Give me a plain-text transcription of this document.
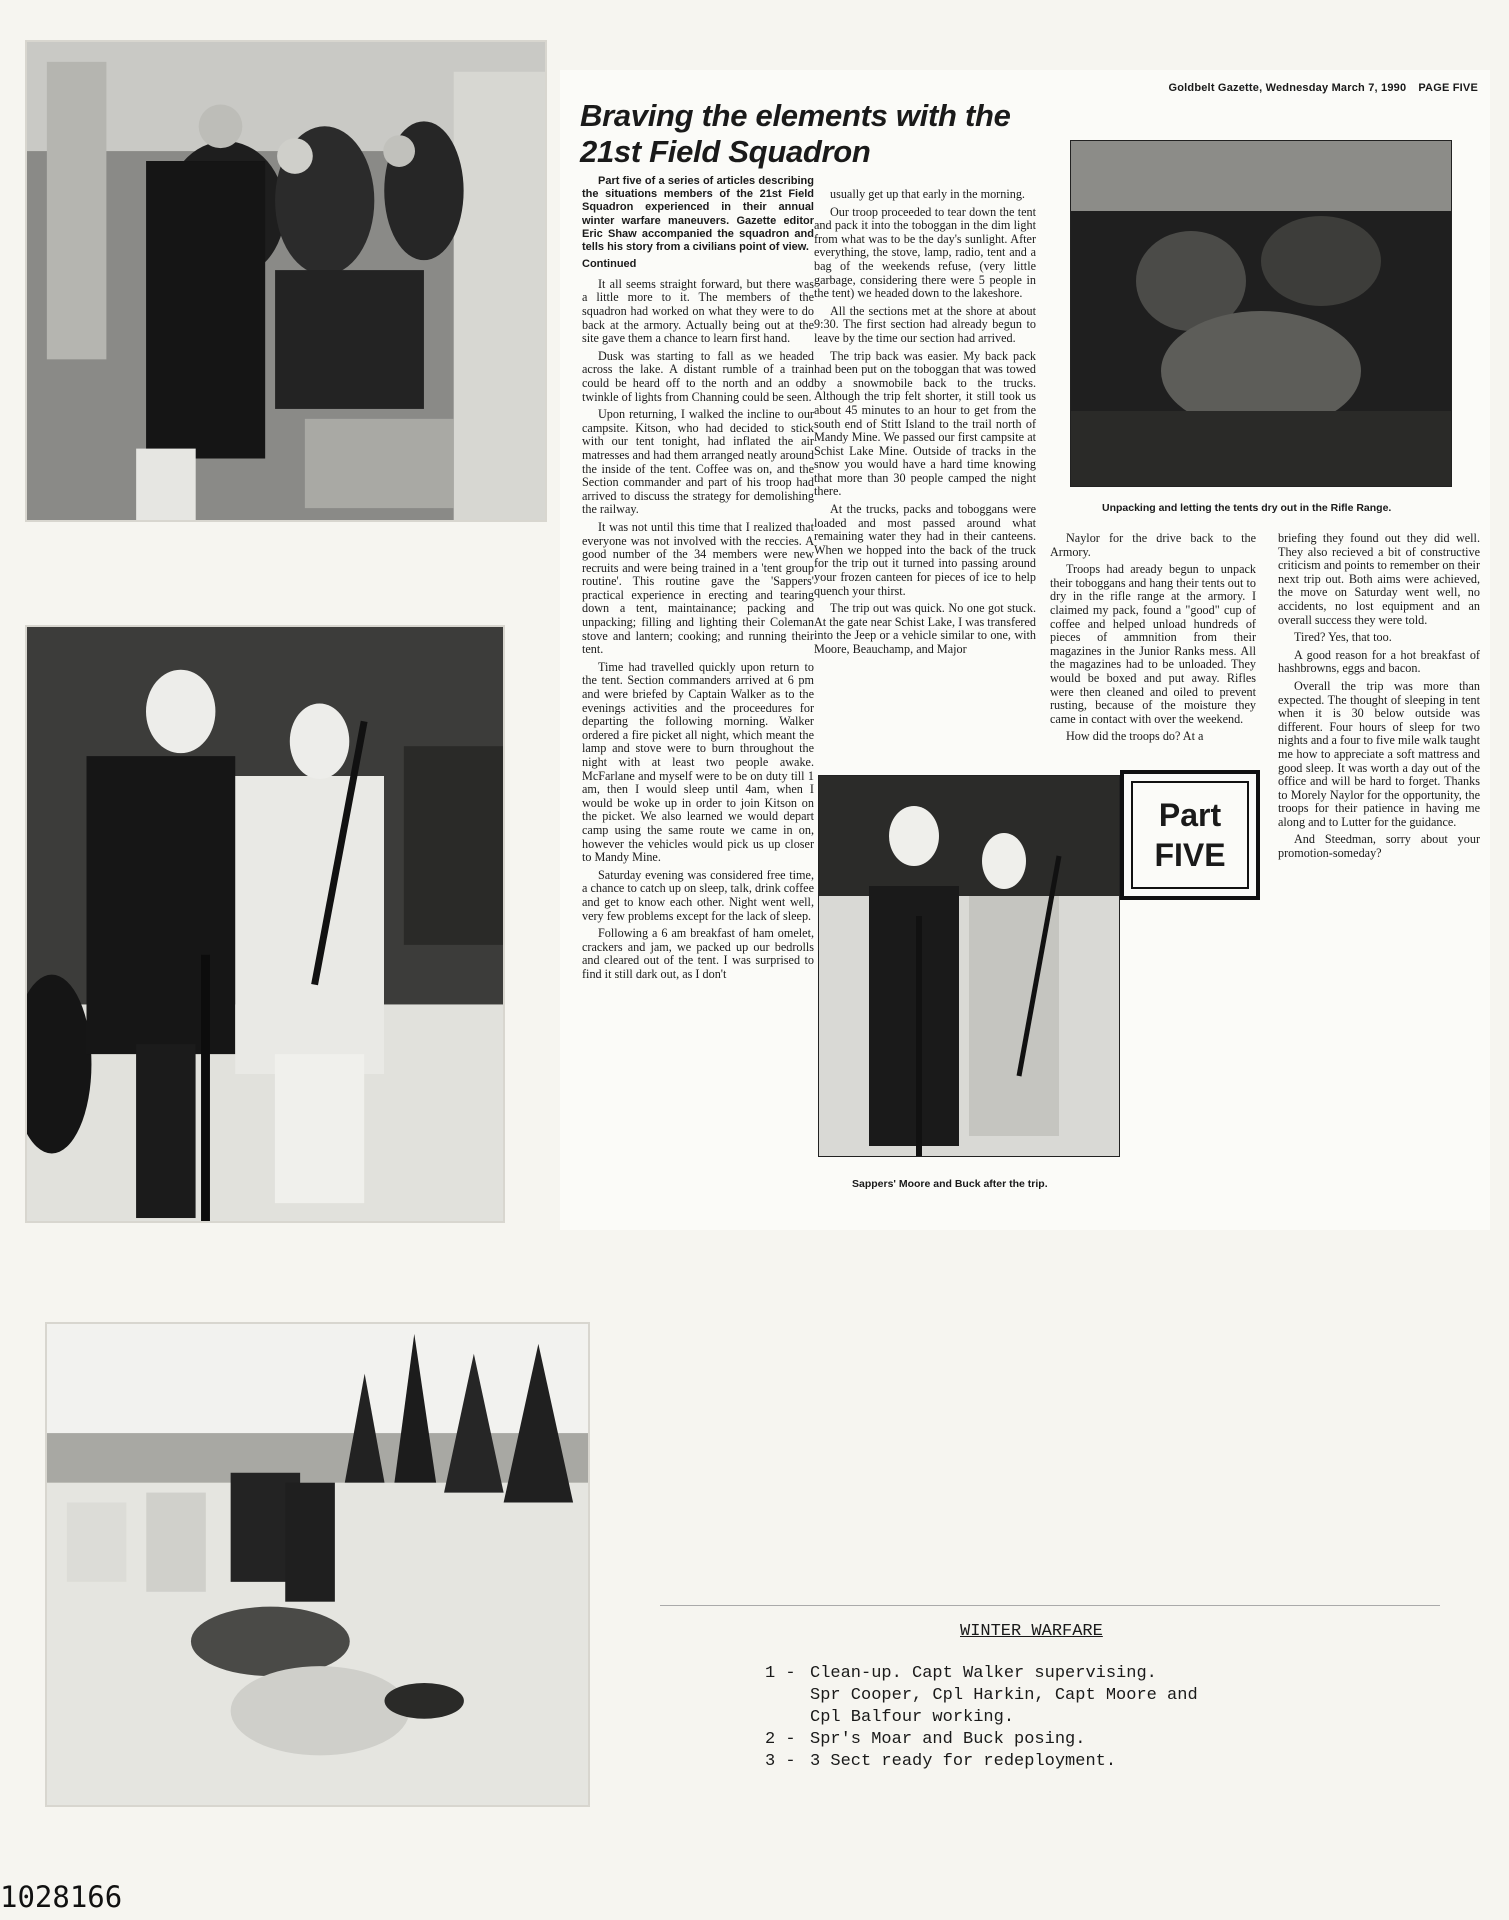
Goldbelt Gazette, Wednesday March 7, 1990 PAGE FIVE
Braving the elements with the 21st Field Squadron

Part five of a series of articles describing the situations members of the 21st Field Squadron experienced in their annual winter warfare maneuvers. Gazette editor Eric Shaw accompanied the squadron and tells his story from a civilians point of view.

Continued

It all seems straight forward, but there was a little more to it. The members of the squadron had worked on what they were to do back at the armory. Actually being out at the site gave them a chance to learn first hand.

Dusk was starting to fall as we headed across the lake. A distant rumble of a train could be heard off to the north and an odd twinkle of lights from Channing could be seen.

Upon returning, I walked the incline to our campsite. Kitson, who had decided to stick with our tent tonight, had inflated the air matresses and had them arranged neatly around the inside of the tent. Coffee was on, and the Section commander and part of his troop had arrived to discuss the strategy for demolishing the railway.

It was not until this time that I realized that everyone was not involved with the reccies. A good number of the 34 members were new recruits and were being trained in a 'tent group routine'. This routine gave the 'Sappers' practical experience in erecting and tearing down a tent, maintainance; packing and unpacking; filling and lighting their Coleman stove and lantern; cooking; and running their tent.

Time had travelled quickly upon return to the tent. Section commanders arrived at 6 pm and were briefed by Captain Walker as to the evenings activities and the proceedures for departing the following morning. Walker ordered a fire picket all night, which meant the lamp and stove were to burn throughout the night with at least two people awake. McFarlane and myself were to be on duty till 1 am, then I would sleep until 4am, when I would be woke up in order to join Kitson on the picket. We also learned we would depart camp using the same route we came in on, however the vehicles would pick us up closer to Mandy Mine.

Saturday evening was considered free time, a chance to catch up on sleep, talk, drink coffee and get to know each other. Night went well, very few problems except for the lack of sleep.

Following a 6 am breakfast of ham omelet, crackers and jam, we packed up our bedrolls and cleared out of the tent. I was surprised to find it still dark out, as I don't

usually get up that early in the morning.

Our troop proceeded to tear down the tent and pack it into the toboggan in the dim light from what was to be the day's sunlight. After everything, the stove, lamp, radio, tent and a bag of the weekends refuse, (very little garbage, considering there were 5 people in the tent) we headed down to the lakeshore.

All the sections met at the shore at about 9:30. The first section had already begun to leave by the time our section had arrived.

The trip back was easier. My back pack had been put on the toboggan that was towed by a snowmobile back to the trucks. Although the trip felt shorter, it still took us about 45 minutes to an hour to get from the south end of Stitt Island to the trail north of Mandy Mine. We passed our first campsite at Schist Lake Mine. Outside of tracks in the snow you would have a hard time knowing that more than 30 people camped the night there.

At the trucks, packs and toboggans were loaded and most passed around what remaining water they had in their canteens. When we hopped into the back of the truck for the trip out it turned into passing around your frozen canteen for pieces of ice to help quench your thirst.

The trip out was quick. No one got stuck. At the gate near Schist Lake, I was transfered into the Jeep or a vehicle similar to one, with Moore, Beauchamp, and Major

Unpacking and letting the tents dry out in the Rifle Range.

Naylor for the drive back to the Armory.

Troops had aready begun to unpack their toboggans and hang their tents out to dry in the rifle range at the armory. I claimed my pack, found a "good" cup of coffee and helped unload hundreds of pieces of ammnition from their magazines in the Junior Ranks mess. All the magazines had to be unloaded. They would be boxed and put away. Rifles were then cleaned and oiled to prevent rusting, because of the moisture they came in contact with over the weekend.

How did the troops do? At a

briefing they found out they did well. They also recieved a bit of constructive criticism and points to remember on their next trip out. Both aims were achieved, the move on Saturday went well, no accidents, no lost equipment and an overall success they were told.

Tired? Yes, that too.

A good reason for a hot breakfast of hashbrowns, eggs and bacon.

Overall the trip was more than expected. The thought of sleeping in tent when it is 30 below outside was different. Four hours of sleep for two nights and a four to five mile walk taught me how to appreciate a soft mattress and good sleep. It was worth a day out of the office and will be hard to forget. Thanks to Morely Naylor for the opportunity, the troops for their patience in having me along and to Lutter for the guidance.

And Steedman, sorry about your promotion-someday?

Sappers' Moore and Buck after the trip.
Part
FIVE
WINTER WARFARE
1 - Clean-up. Capt Walker supervising.
Spr Cooper, Cpl Harkin, Capt Moore and
Cpl Balfour working.
2 - Spr's Moar and Buck posing.
3 - 3 Sect ready for redeployment.
1028166
